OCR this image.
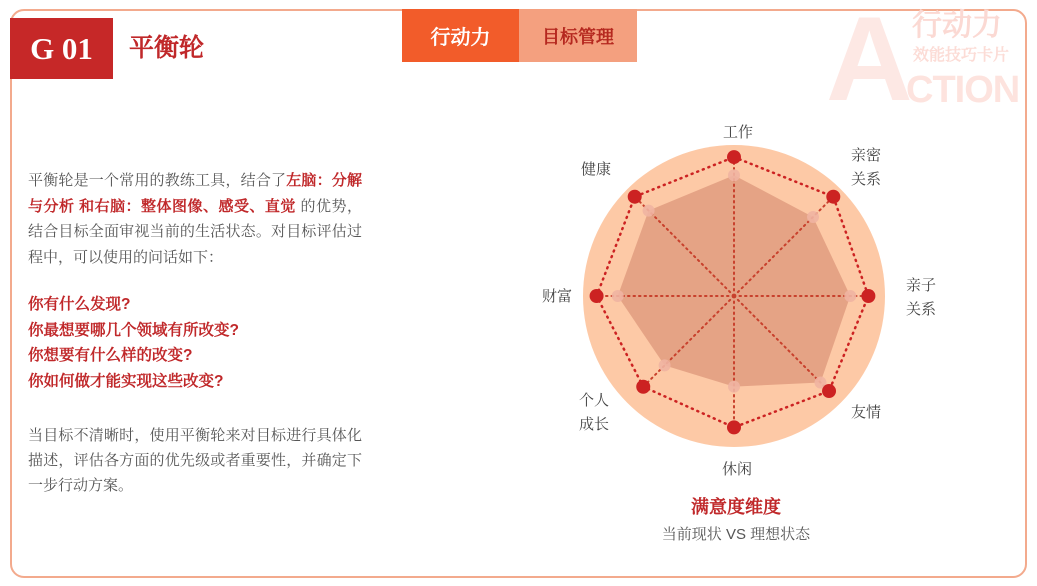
A
CTION
行动力
效能技巧卡片
G 01	平衡轮	行动力	目标管理
平衡轮是一个常用的教练工具，结合了左脑：分解与分析 和右脑：整体图像、感受、直觉 的优势，结合目标全面审视当前的生活状态。对目标评估过程中，可以使用的问话如下：
你有什么发现?
你最想要哪几个领域有所改变?
你想要有什么样的改变?
你如何做才能实现这些改变?
当目标不清晰时，使用平衡轮来对目标进行具体化描述，评估各方面的优先级或者重要性，并确定下一步行动方案。
工作
亲密关系
亲子关系
友情
休闲
个人成长
财富
健康
满意度维度
当前现状 VS 理想状态
